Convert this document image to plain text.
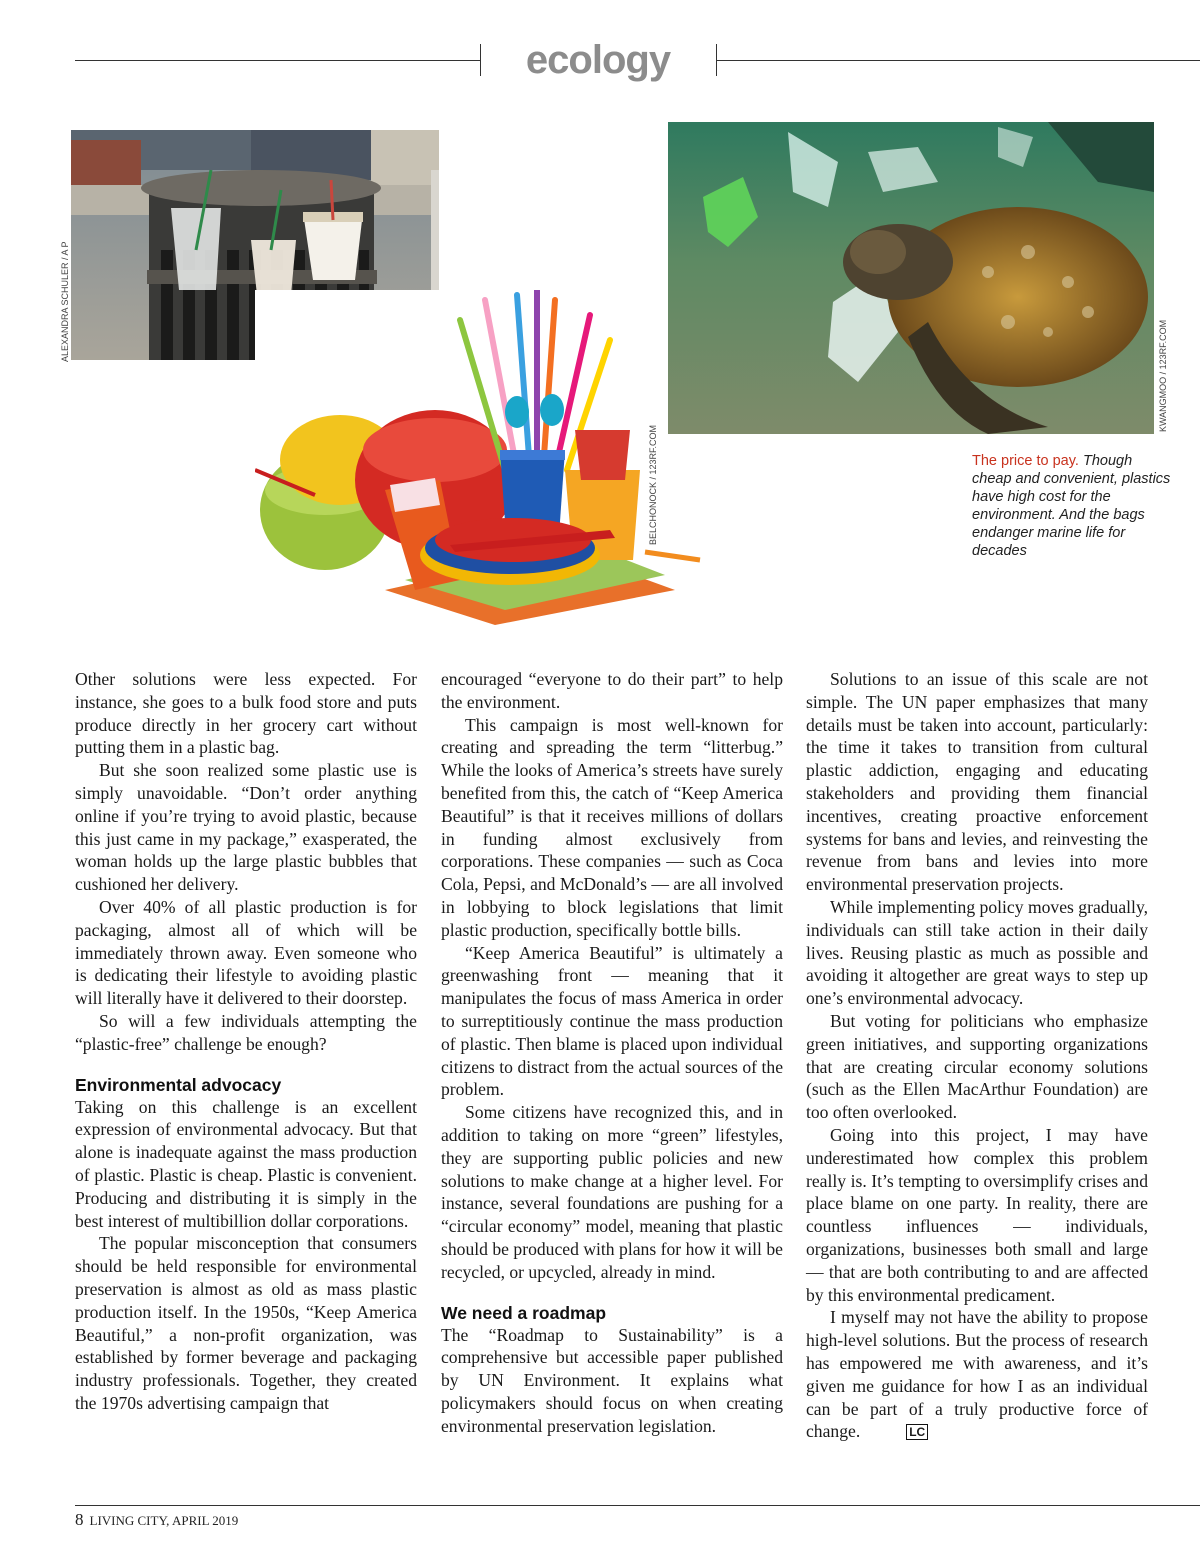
ecology
ALEXANDRA SCHULER / A P
BELCHONOCK / 123RF.COM
KWANGMOO / 123RF.COM
The price to pay. Though cheap and convenient, plastics have high cost for the environment. And the bags endanger marine life for decades

Other solutions were less expected. For instance, she goes to a bulk food store and puts produce directly in her grocery cart without putting them in a plastic bag.

But she soon realized some plastic use is simply unavoidable. “Don’t order anything online if you’re trying to avoid plastic, because this just came in my package,” exasperated, the woman holds up the large plastic bubbles that cushioned her delivery.

Over 40% of all plastic production is for packaging, almost all of which will be immediately thrown away. Even someone who is dedicating their lifestyle to avoiding plastic will literally have it delivered to their doorstep.

So will a few individuals attempting the “plastic-free” challenge be enough?

Environmental advocacy

Taking on this challenge is an excellent expression of environmental advocacy. But that alone is inadequate against the mass production of plastic. Plastic is cheap. Plastic is convenient. Producing and distributing it is simply in the best interest of multibillion dollar corporations.

The popular misconception that consumers should be held responsible for environmental preservation is almost as old as mass plastic production itself. In the 1950s, “Keep America Beautiful,” a non-profit organization, was established by former beverage and packaging industry professionals. Together, they created the 1970s advertising campaign that

encouraged “everyone to do their part” to help the environment.

This campaign is most well-known for creating and spreading the term “litterbug.” While the looks of America’s streets have surely benefited from this, the catch of “Keep America Beautiful” is that it receives millions of dollars in funding almost exclusively from corporations. These companies — such as Coca Cola, Pepsi, and McDonald’s — are all involved in lobbying to block legislations that limit plastic production, specifically bottle bills.

“Keep America Beautiful” is ultimately a greenwashing front — meaning that it manipulates the focus of mass America in order to surreptitiously continue the mass production of plastic. Then blame is placed upon individual citizens to distract from the actual sources of the problem.

Some citizens have recognized this, and in addition to taking on more “green” lifestyles, they are supporting public policies and new solutions to make change at a higher level. For instance, several foundations are pushing for a “circular economy” model, meaning that plastic should be produced with plans for how it will be recycled, or upcycled, already in mind.

We need a roadmap

The “Roadmap to Sustainability” is a comprehensive but accessible paper published by UN Environment. It explains what policymakers should focus on when creating environmental preservation legislation.

Solutions to an issue of this scale are not simple. The UN paper emphasizes that many details must be taken into account, particularly: the time it takes to transition from cultural plastic addiction, engaging and educating stakeholders and providing them financial incentives, creating proactive enforcement systems for bans and levies, and reinvesting the revenue from bans and levies into more environmental preservation projects.

While implementing policy moves gradually, individuals can still take action in their daily lives. Reusing plastic as much as possible and avoiding it altogether are great ways to step up one’s environmental advocacy.

But voting for politicians who emphasize green initiatives, and supporting organizations that are creating circular economy solutions (such as the Ellen MacArthur Foundation) are too often overlooked.

Going into this project, I may have underestimated how complex this problem really is. It’s tempting to oversimplify crises and place blame on one party. In reality, there are countless influences — individuals, organizations, businesses both small and large — that are both contributing to and are affected by this environmental predicament.

I myself may not have the ability to propose high-level solutions. But the process of research has empowered me with awareness, and it’s given me guidance for how I as an individual can be part of a truly productive force of change.	LC

8 LIVING CITY, APRIL 2019
